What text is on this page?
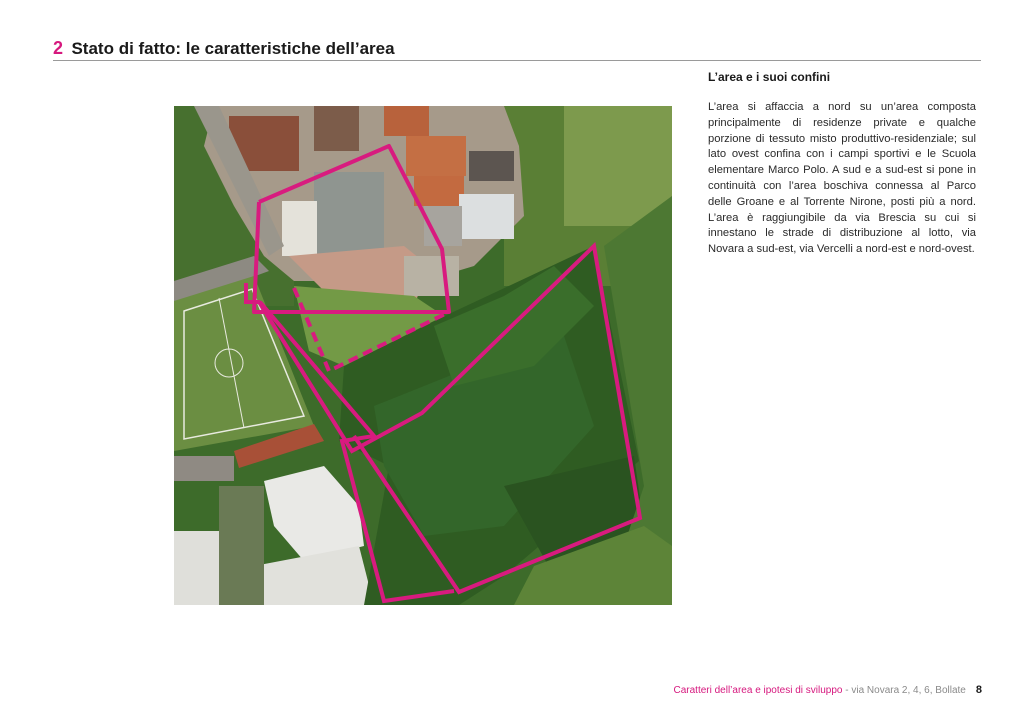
2 Stato di fatto: le caratteristiche dell’area
L’area e i suoi confini
L’area si affaccia a nord su un’area composta principalmente di residenze private e qualche porzione di tessuto misto produttivo-residenziale; sul lato ovest confina con i campi sportivi e le Scuola elementare Marco Polo. A sud e a sud-est si pone in continuità con l’area boschiva connessa al Parco delle Groane e al Torrente Nirone, posti più a nord. L’area è raggiungibile da via Brescia su cui si innestano le strade di distribuzione al lotto, via Novara a sud-est, via Vercelli a nord-est e nord-ovest.
Caratteri dell’area e ipotesi di sviluppo - via Novara 2, 4, 6, Bollate 8
